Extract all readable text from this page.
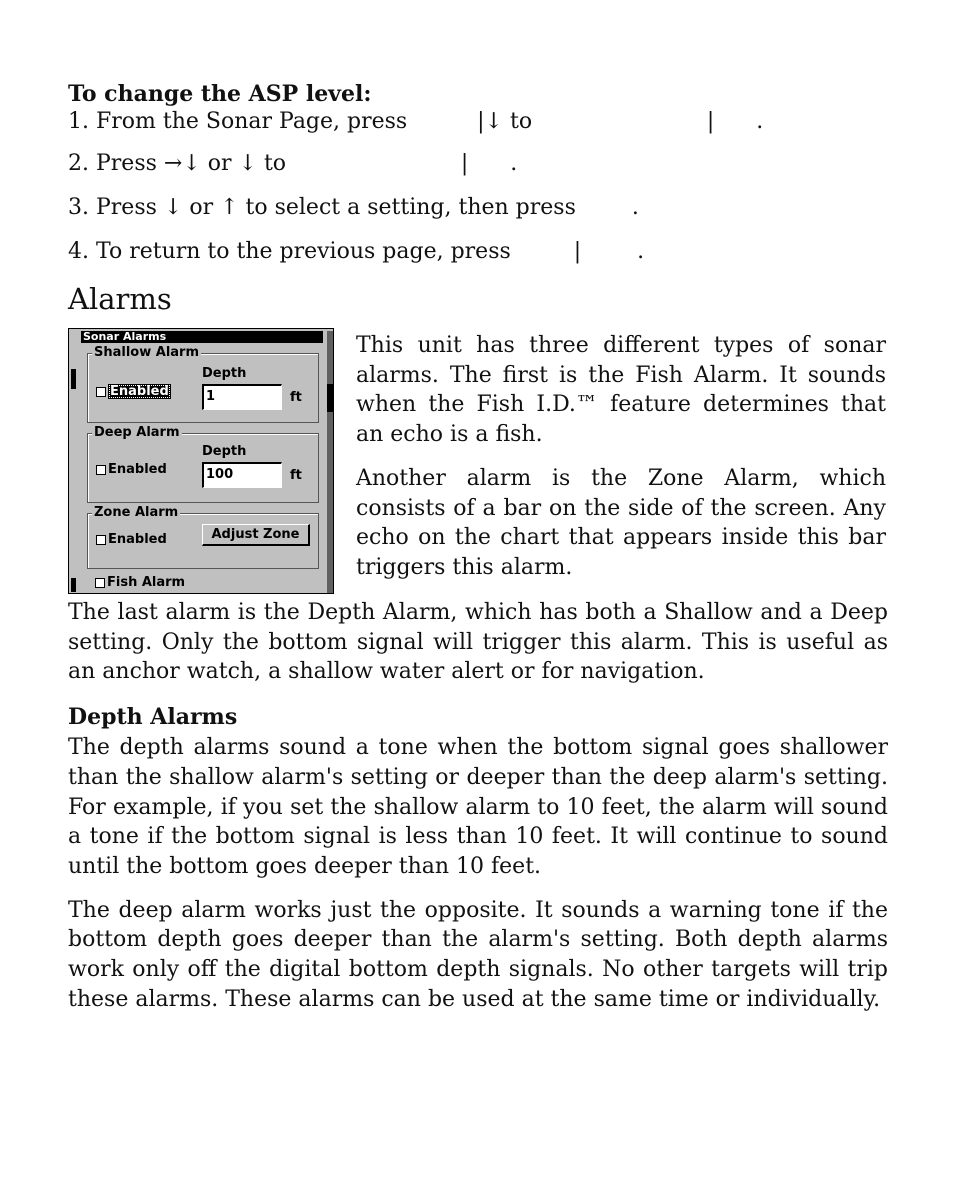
To change the ASP level:

1. From the Sonar Page, press          |↓ to                         |      .

2. Press →↓ or ↓ to                         |      .

3. Press ↓ or ↑ to select a setting, then press        .

4. To return to the previous page, press         |        .

Alarms
Sonar Alarms
Shallow Alarm
Enabled
Depth
1	ft
Deep Alarm
Enabled
Depth
100	ft
Zone Alarm
Enabled	Adjust Zone
Fish Alarm

This unit has three different types of sonar alarms. The first is the Fish Alarm. It sounds when the Fish I.D.™ feature determines that an echo is a fish.

Another alarm is the Zone Alarm, which consists of a bar on the side of the screen. Any echo on the chart that appears inside this bar triggers this alarm.

The last alarm is the Depth Alarm, which has both a Shallow and a Deep setting. Only the bottom signal will trigger this alarm. This is useful as an anchor watch, a shallow water alert or for navigation.

Depth Alarms

The depth alarms sound a tone when the bottom signal goes shallower than the shallow alarm's setting or deeper than the deep alarm's setting. For example, if you set the shallow alarm to 10 feet, the alarm will sound a tone if the bottom signal is less than 10 feet. It will continue to sound until the bottom goes deeper than 10 feet.

The deep alarm works just the opposite. It sounds a warning tone if the bottom depth goes deeper than the alarm's setting. Both depth alarms work only off the digital bottom depth signals. No other targets will trip these alarms. These alarms can be used at the same time or individually.
